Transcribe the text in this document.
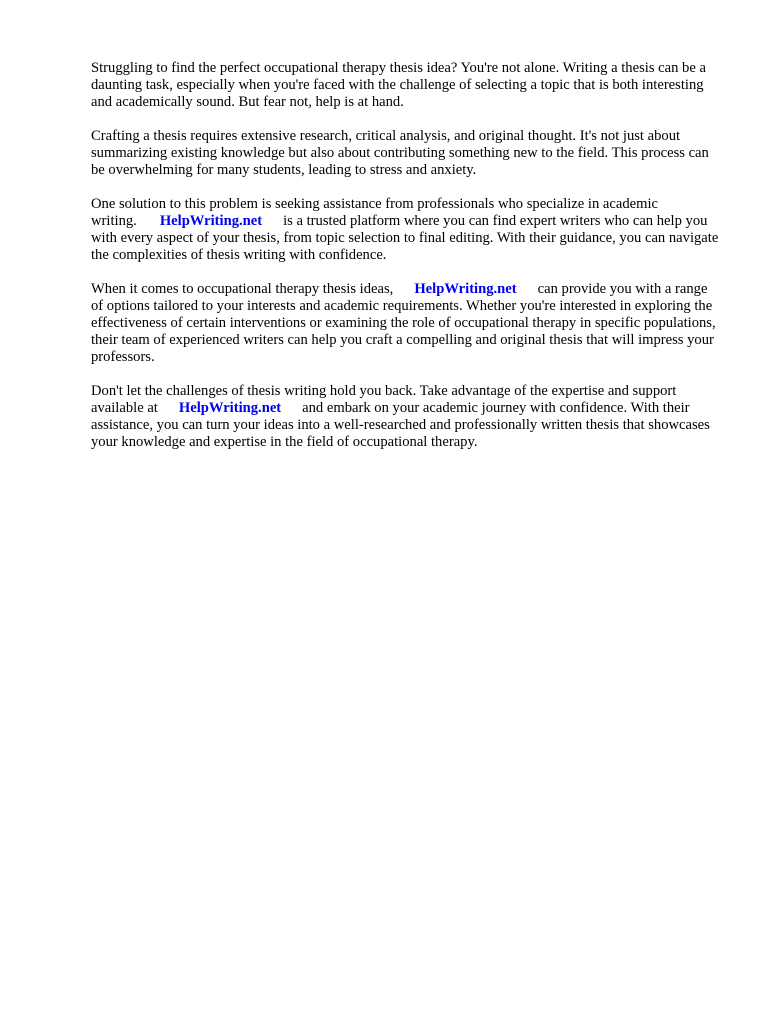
Struggling to find the perfect occupational therapy thesis idea? You're not alone. Writing a thesis can be a daunting task, especially when you're faced with the challenge of selecting a topic that is both interesting and academically sound. But fear not, help is at hand.

Crafting a thesis requires extensive research, critical analysis, and original thought. It's not just about summarizing existing knowledge but also about contributing something new to the field. This process can be overwhelming for many students, leading to stress and anxiety.

One solution to this problem is seeking assistance from professionals who specialize in academic writing. HelpWriting.net is a trusted platform where you can find expert writers who can help you with every aspect of your thesis, from topic selection to final editing. With their guidance, you can navigate the complexities of thesis writing with confidence.

When it comes to occupational therapy thesis ideas, HelpWriting.net can provide you with a range of options tailored to your interests and academic requirements. Whether you're interested in exploring the effectiveness of certain interventions or examining the role of occupational therapy in specific populations, their team of experienced writers can help you craft a compelling and original thesis that will impress your professors.

Don't let the challenges of thesis writing hold you back. Take advantage of the expertise and support available at HelpWriting.net and embark on your academic journey with confidence. With their assistance, you can turn your ideas into a well-researched and professionally written thesis that showcases your knowledge and expertise in the field of occupational therapy.
